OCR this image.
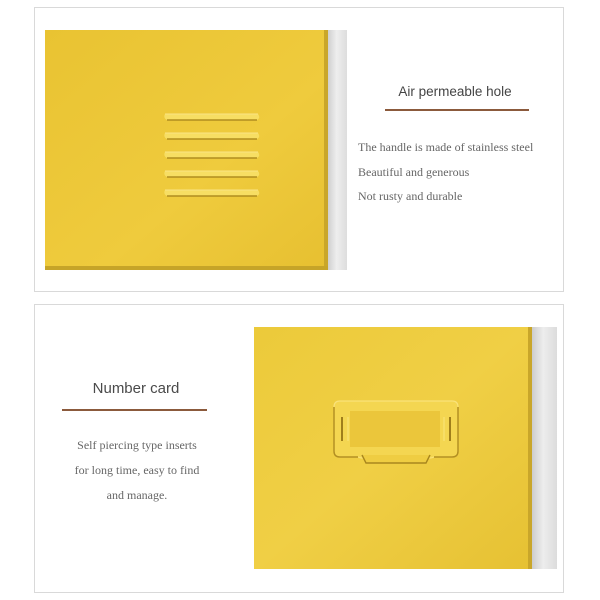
Air permeable hole
The handle is made of stainless steel
Beautiful and generous
Not rusty and durable
Number card
Self piercing type inserts
for long time, easy to find
and manage.
